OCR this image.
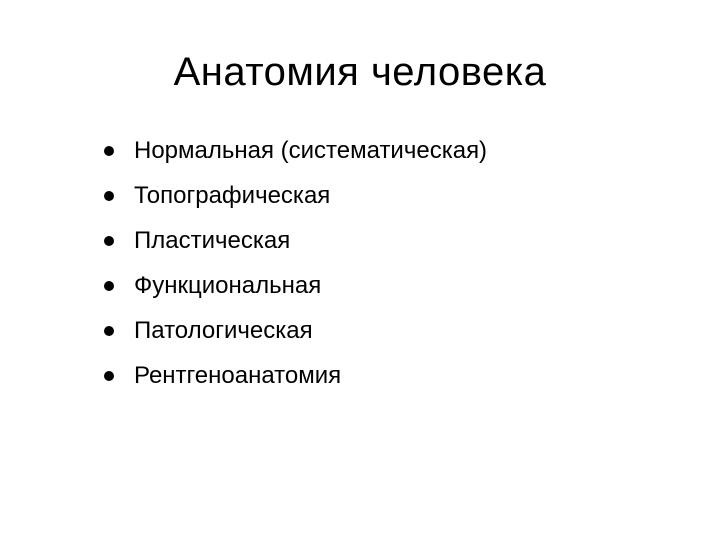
Анатомия человека
Нормальная (систематическая)
Топографическая
Пластическая
Функциональная
Патологическая
Рентгеноанатомия
